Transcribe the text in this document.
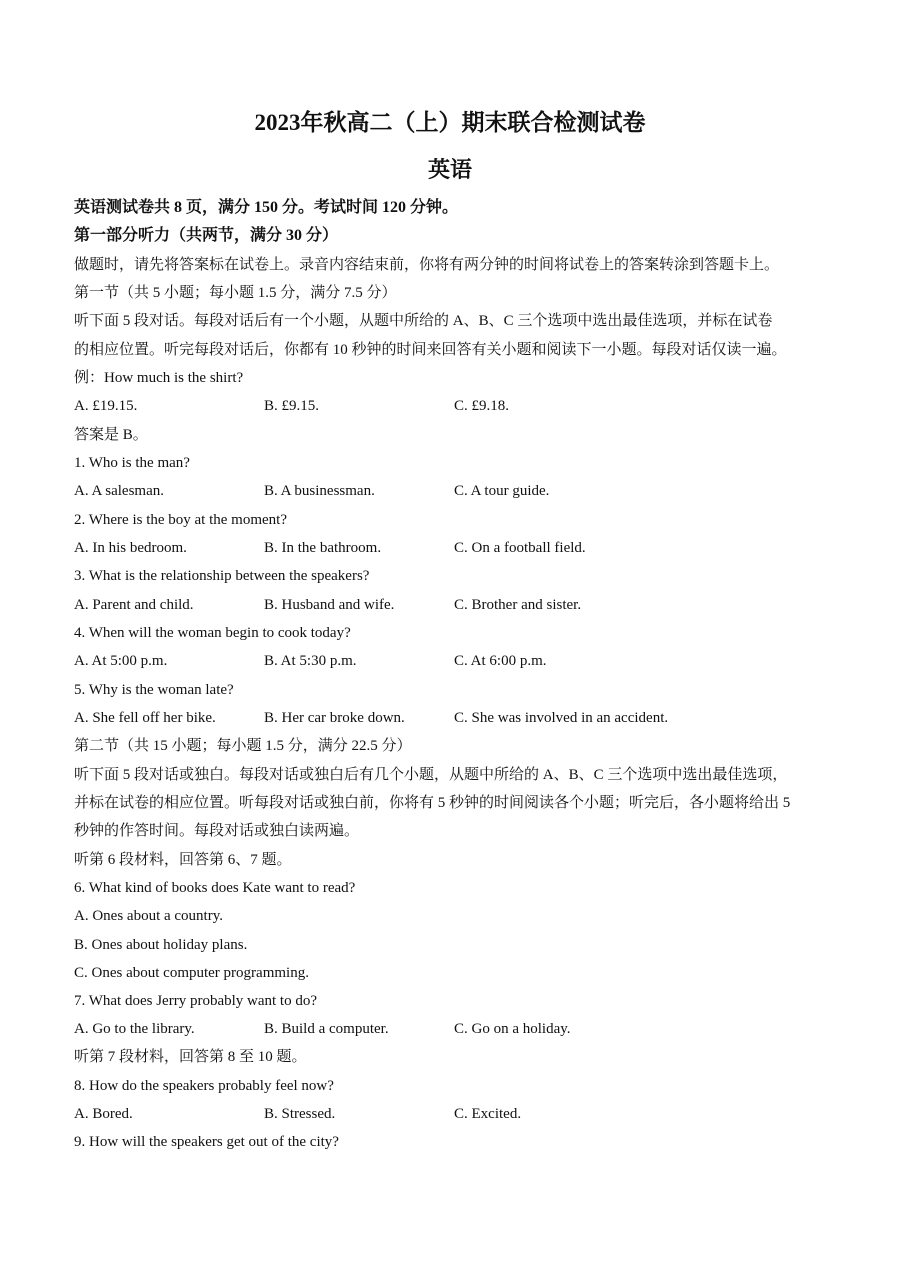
2023年秋高二（上）期末联合检测试卷
英语
英语测试卷共 8 页，满分 150 分。考试时间 120 分钟。
第一部分听力（共两节，满分 30 分）
做题时，请先将答案标在试卷上。录音内容结束前，你将有两分钟的时间将试卷上的答案转涂到答题卡上。
第一节（共 5 小题；每小题 1.5 分，满分 7.5 分）
听下面 5 段对话。每段对话后有一个小题，从题中所给的 A、B、C 三个选项中选出最佳选项，并标在试卷
的相应位置。听完每段对话后，你都有 10 秒钟的时间来回答有关小题和阅读下一小题。每段对话仅读一遍。
例：How much is the shirt?
A. £19.15.	B. £9.15.	C. £9.18.
答案是 B。
1. Who is the man?
A. A salesman.	B. A businessman.	C. A tour guide.
2. Where is the boy at the moment?
A. In his bedroom.	B. In the bathroom.	C. On a football field.
3. What is the relationship between the speakers?
A. Parent and child.	B. Husband and wife.	C. Brother and sister.
4. When will the woman begin to cook today?
A. At 5:00 p.m.	B. At 5:30 p.m.	C. At 6:00 p.m.
5. Why is the woman late?
A. She fell off her bike.	B. Her car broke down.	C. She was involved in an accident.
第二节（共 15 小题；每小题 1.5 分，满分 22.5 分）
听下面 5 段对话或独白。每段对话或独白后有几个小题，从题中所给的 A、B、C 三个选项中选出最佳选项，
并标在试卷的相应位置。听每段对话或独白前，你将有 5 秒钟的时间阅读各个小题；听完后，各小题将给出 5
秒钟的作答时间。每段对话或独白读两遍。
听第 6 段材料，回答第 6、7 题。
6. What kind of books does Kate want to read?
A. Ones about a country.
B. Ones about holiday plans.
C. Ones about computer programming.
7. What does Jerry probably want to do?
A. Go to the library.	B. Build a computer.	C. Go on a holiday.
听第 7 段材料，回答第 8 至 10 题。
8. How do the speakers probably feel now?
A. Bored.	B. Stressed.	C. Excited.
9. How will the speakers get out of the city?
